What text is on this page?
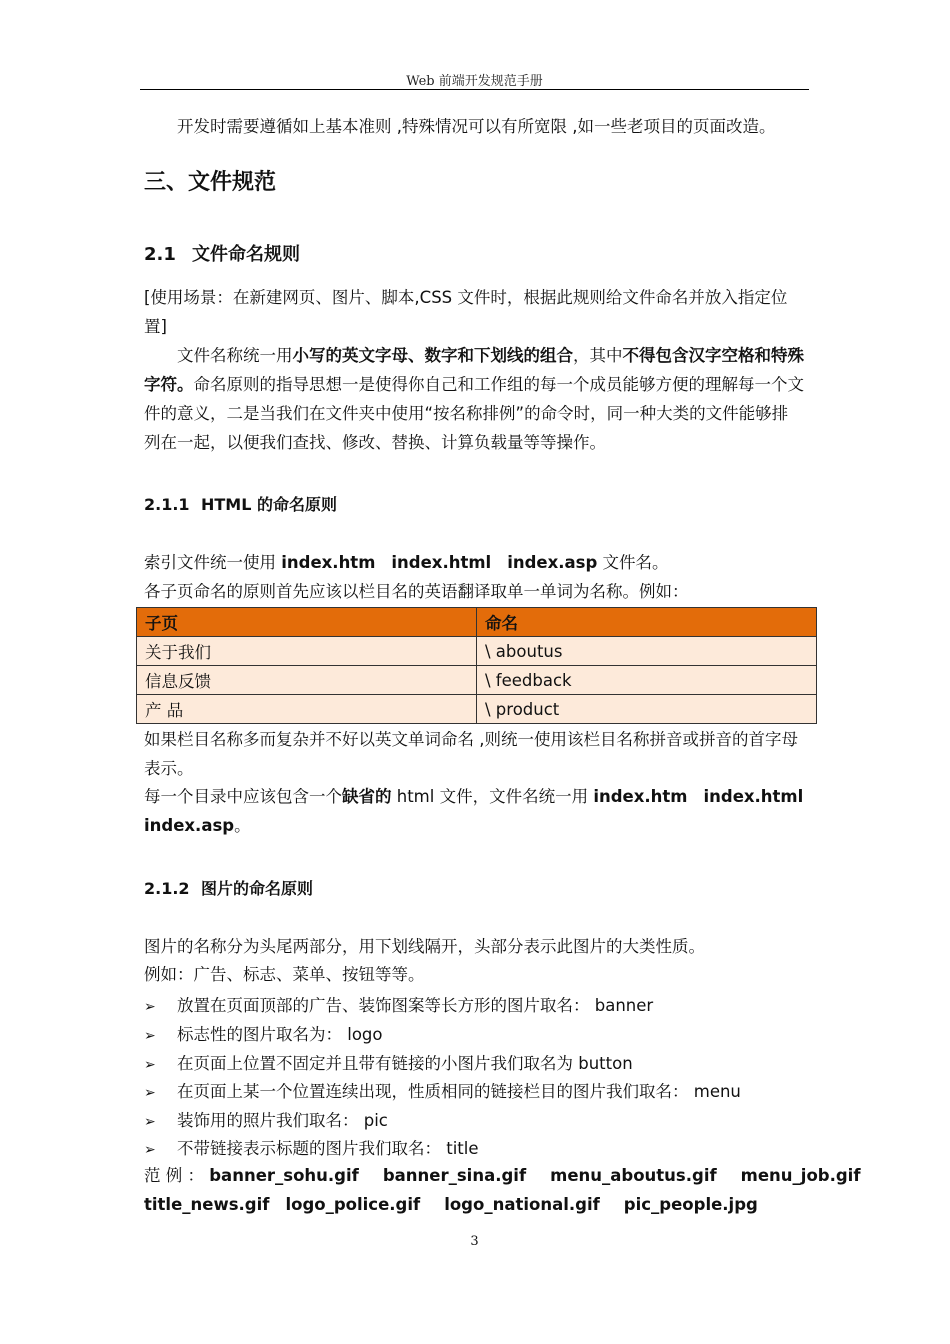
Web 前端开发规范手册
开发时需要遵循如上基本准则 ,特殊情况可以有所宽限 ,如一些老项目的页面改造。
三、文件规范
2.1 文件命名规则
[使用场景：在新建网页、图片、脚本,CSS 文件时，根据此规则给文件命名并放入指定位
置]
文件名称统一用小写的英文字母、数字和下划线的组合，其中不得包含汉字空格和特殊
字符。命名原则的指导思想一是使得你自己和工作组的每一个成员能够方便的理解每一个文
件的意义，二是当我们在文件夹中使用“按名称排例”的命令时，同一种大类的文件能够排
列在一起，以便我们查找、修改、替换、计算负载量等等操作。
2.1.1 HTML 的命名原则
索引文件统一使用 index.htm index.html index.asp 文件名。
各子页命名的原则首先应该以栏目名的英语翻译取单一单词为名称。例如：
子页	命名
关于我们	\ aboutus
信息反馈	\ feedback
产 品	\ product
如果栏目名称多而复杂并不好以英文单词命名 ,则统一使用该栏目名称拼音或拼音的首字母
表示。
每一个目录中应该包含一个缺省的 html 文件，文件名统一用 index.htm index.html
index.asp。
2.1.2 图片的命名原则
图片的名称分为头尾两部分，用下划线隔开，头部分表示此图片的大类性质。
例如：广告、标志、菜单、按钮等等。
➢ 放置在页面顶部的广告、装饰图案等长方形的图片取名： banner
➢ 标志性的图片取名为： logo
➢ 在页面上位置不固定并且带有链接的小图片我们取名为 button
➢ 在页面上某一个位置连续出现，性质相同的链接栏目的图片我们取名： menu
➢ 装饰用的照片我们取名： pic
➢ 不带链接表示标题的图片我们取名： title
范 例 ： banner_sohu.gif banner_sina.gif menu_aboutus.gif menu_job.gif
title_news.gif logo_police.gif logo_national.gif pic_people.jpg
3
